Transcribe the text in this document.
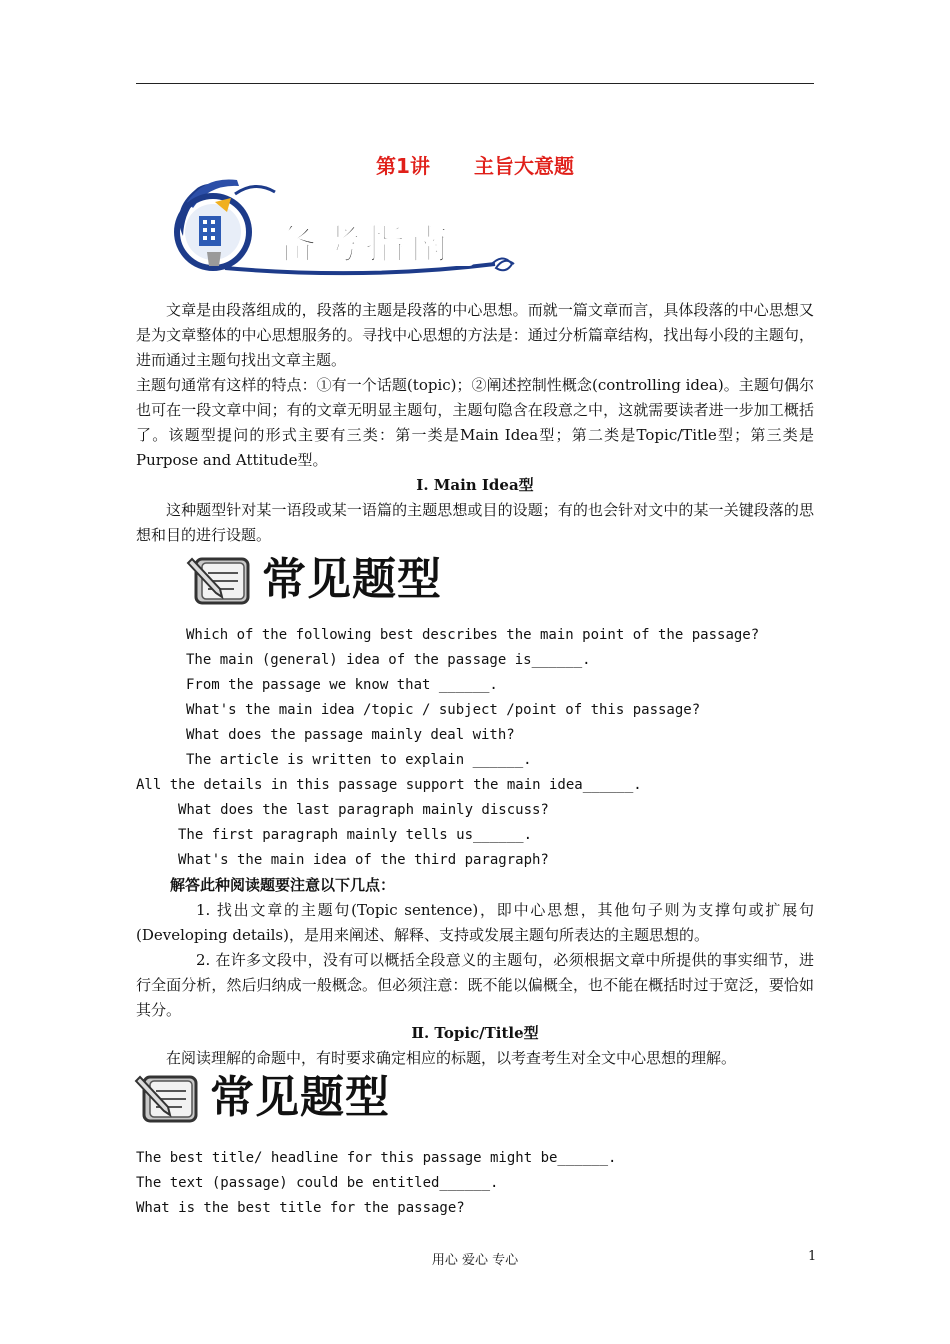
第1讲 主旨大意题
备考指南
文章是由段落组成的，段落的主题是段落的中心思想。而就一篇文章而言，具体段落的中心思想又是为文章整体的中心思想服务的。寻找中心思想的方法是：通过分析篇章结构，找出每小段的主题句，进而通过主题句找出文章主题。
主题句通常有这样的特点：①有一个话题(topic)；②阐述控制性概念(controlling idea)。主题句偶尔也可在一段文章中间；有的文章无明显主题句，主题句隐含在段意之中，这就需要读者进一步加工概括了。该题型提问的形式主要有三类：第一类是Main Idea型；第二类是Topic/Title型；第三类是Purpose and Attitude型。
Ⅰ. Main Idea型
这种题型针对某一语段或某一语篇的主题思想或目的设题；有的也会针对文中的某一关键段落的思想和目的进行设题。
常见题型
Which of the following best describes the main point of the passage?
The main (general) idea of the passage is______.
From the passage we know that ______.
What's the main idea /topic / subject /point of this passage?
What does the passage mainly deal with?
The article is written to explain ______.
All the details in this passage support the main idea______.
What does the last paragraph mainly discuss?
The first paragraph mainly tells us______.
What's the main idea of the third paragraph?
解答此种阅读题要注意以下几点：
1. 找出文章的主题句(Topic sentence)，即中心思想，其他句子则为支撑句或扩展句(Developing details)，是用来阐述、解释、支持或发展主题句所表达的主题思想的。
2. 在许多文段中，没有可以概括全段意义的主题句，必须根据文章中所提供的事实细节，进行全面分析，然后归纳成一般概念。但必须注意：既不能以偏概全，也不能在概括时过于宽泛，要恰如其分。
Ⅱ. Topic/Title型
在阅读理解的命题中，有时要求确定相应的标题，以考查考生对全文中心思想的理解。
常见题型
The best title/ headline for this passage might be______.
The text (passage) could be entitled______.
What is the best title for the passage?
用心 爱心 专心	1
